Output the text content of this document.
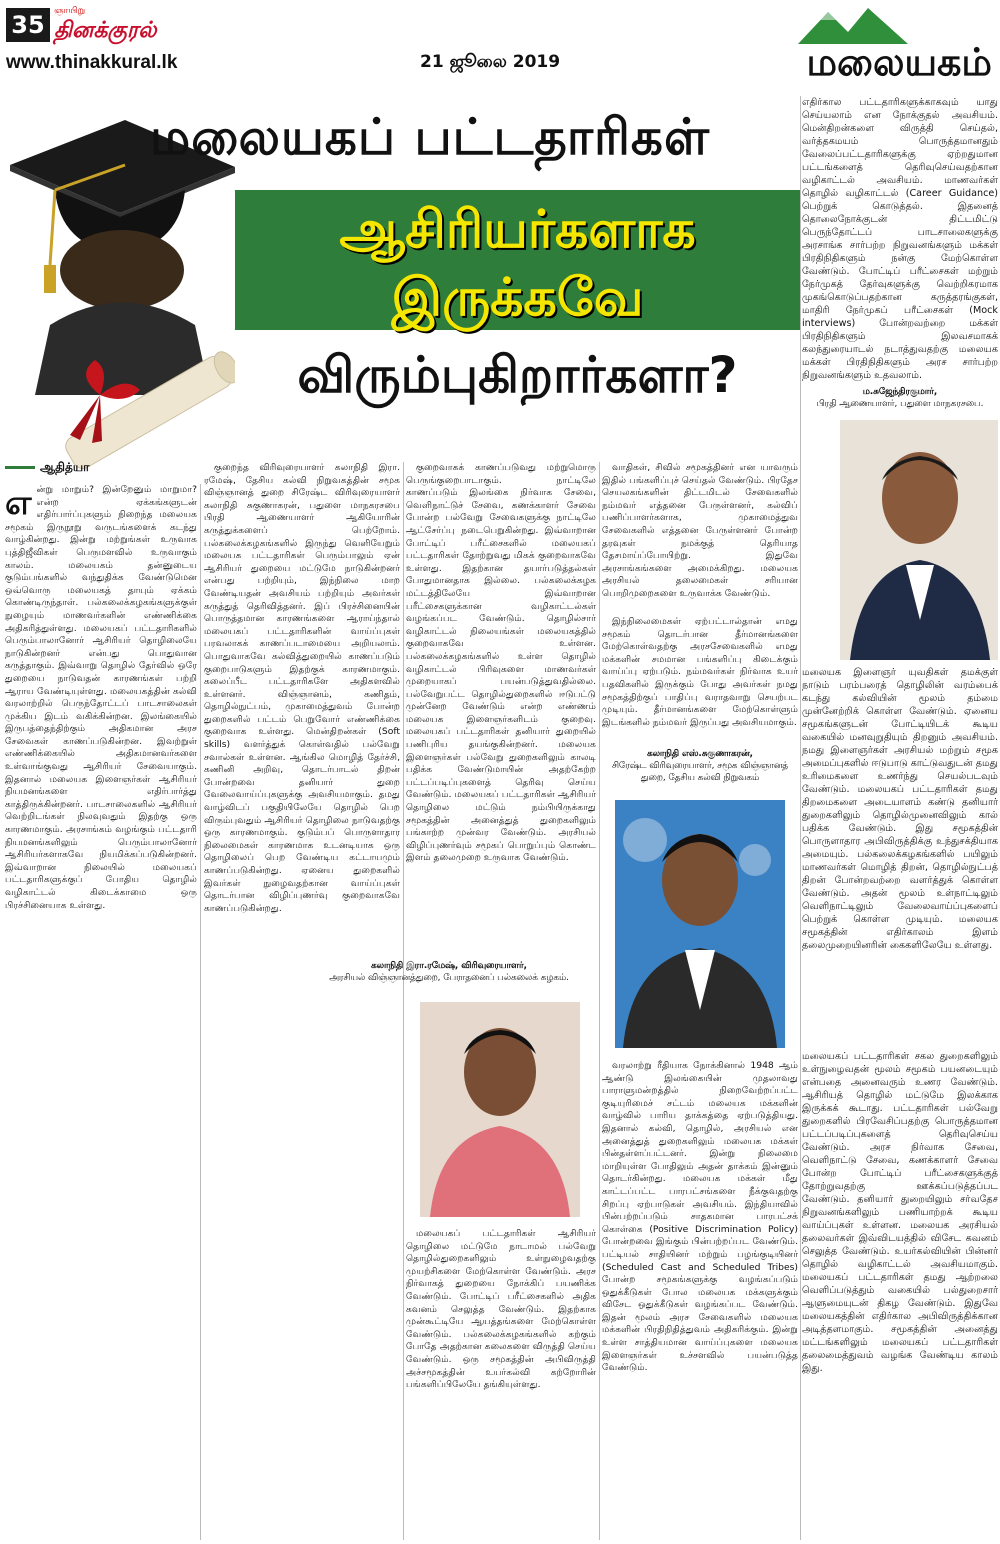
35	ஞாயிறு
தினக்குரல்
www.thinakkural.lk	21 ஜூலை 2019	மலையகம்
மலையகப் பட்டதாரிகள்
ஆசிரியர்களாக
இருக்கவே
விரும்புகிறார்களா?
எதிர்கால பட்டதாரிகளுக்காகவும் யாது செய்யலாம் என நோக்குதல் அவசியம். மென்திறன்களை விருத்தி செய்தல், வர்த்தகமயம் பொருத்தமானதும் வேலைப்பட்டதாரிகளுக்கு ஏற்றதுமான பட்டங்களைத் தெரிவுசெய்வதற்கான வழிகாட்டல் அவசியம். மாணவர்கள் தொழில் வழிகாட்டல் (Career Guidance) பெற்றுக் கொடுத்தல். இதனைத் தொலைநோக்குடன் திட்டமிட்டு பெருந்தோட்டப் பாடசாலைகளுக்கு அரசாங்க சார்பற்ற நிறுவனங்களும் மக்கள் பிரதிநிதிகளும் நன்கு மேற்கொள்ள வேண்டும். போட்டிப் பரீட்சைகள் மற்றும் நேர்முகத் தேர்வுகளுக்கு வெற்றிகரமாக முகங்கொடுப்பதற்கான கருத்தரங்குகள், மாதிரி நேர்முகப் பரீட்சைகள் (Mock interviews) போன்றவற்றை மக்கள் பிரதிநிதிகளும் இலவசமாகக் கலந்துரையாடல் நடாத்துவதற்கு மலையக மக்கள் பிரதிநிதிகளும் அரச சார்பற்ற நிறுவனங்களும் உதவலாம்.
ம.சுஜேந்திரகுமார்,
பிரதி ஆணையாளர், பதுளை மாநகரசபை.
மலையக இளைஞர் யுவதிகள் தமக்குள் நாடும் பரம்பரைத் தொழிலின் வரம்பைக் கடந்து கல்வியின் மூலம் தம்மை முன்னேற்றிக் கொள்ள வேண்டும். ஏனைய சமூகங்களுடன் போட்டியிடக் கூடிய வகையில் மனவுறுதியும் திறனும் அவசியம். நமது இளைஞர்கள் அரசியல் மற்றும் சமூக அமைப்புகளில் ஈடுபாடு காட்டுவதுடன் தமது உரிமைகளை உணர்ந்து செயல்படவும் வேண்டும். மலையகப் பட்டதாரிகள் தமது திறமைகளை அடையாளம் கண்டு தனியார் துறைகளிலும் தொழில்முனைவிலும் கால் பதிக்க வேண்டும். இது சமூகத்தின் பொருளாதார அபிவிருத்திக்கு உந்துசக்தியாக அமையும். பல்கலைக்கழகங்களில் பயிலும் மாணவர்கள் மொழித் திறன், தொழில்நுட்பத் திறன் போன்றவற்றை வளர்த்துக் கொள்ள வேண்டும். அதன் மூலம் உள்நாட்டிலும் வெளிநாட்டிலும் வேலைவாய்ப்புகளைப் பெற்றுக் கொள்ள முடியும். மலையக சமூகத்தின் எதிர்காலம் இளம் தலைமுறையினரின் கைகளிலேயே உள்ளது.
மலையகப் பட்டதாரிகள் சகல துறைகளிலும் உள்நுழைவதன் மூலம் சமூகம் பயனடையும் என்பதை அனைவரும் உணர வேண்டும். ஆசிரியத் தொழில் மட்டுமே இலக்காக இருக்கக் கூடாது. பட்டதாரிகள் பல்வேறு துறைகளில் பிரவேசிப்பதற்கு பொருத்தமான பட்டப்படிப்புகளைத் தெரிவுசெய்ய வேண்டும். அரச நிர்வாக சேவை, வெளிநாட்டு சேவை, கணக்காளர் சேவை போன்ற போட்டிப் பரீட்சைகளுக்குத் தோற்றுவதற்கு ஊக்கப்படுத்தப்பட வேண்டும். தனியார் துறையிலும் சர்வதேச நிறுவனங்களிலும் பணியாற்றக் கூடிய வாய்ப்புகள் உள்ளன. மலையக அரசியல் தலைவர்கள் இவ்விடயத்தில் விசேட கவனம் செலுத்த வேண்டும். உயர்கல்வியின் பின்னர் தொழில் வழிகாட்டல் அவசியமாகும். மலையகப் பட்டதாரிகள் தமது ஆற்றலை வெளிப்படுத்தும் வகையில் பல்துறைசார் ஆளுமையுடன் திகழ வேண்டும். இதுவே மலையகத்தின் எதிர்கால அபிவிருத்திக்கான அடித்தளமாகும். சமூகத்தின் அனைத்து மட்டங்களிலும் மலையகப் பட்டதாரிகள் தலைமைத்துவம் வழங்க வேண்டிய காலம் இது.
ஆதித்யா
எ ன்று மாறும்? இன்றேனும் மாறுமா? என்ற ஏக்கங்களுடன் எதிர்பார்ப்புகளும் நிறைந்த மலையக சமூகம் இருநூறு வருடங்களைக் கடந்து வாழ்கின்றது. இன்று மற்றுங்கள் உருவாக புத்திஜீவிகள் பெருமளவில் உருவாகும் காலம். மலையகம் தன்னுடைய குடும்பங்களில் வந்துதிக்க வேண்டுமென ஒவ்வொரு மலையகத் தாயும் ஏக்கம் கொண்டிருந்தாள். பல்கலைக்கழகங்களுக்குள் நுழையும் மாணவர்களின் எண்ணிக்கை அதிகரித்துள்ளது. மலையகப் பட்டதாரிகளில் பெரும்பாலானோர் ஆசிரியர் தொழிலையே நாடுகின்றனர் என்பது பொதுவான கருத்தாகும். இவ்வாறு தொழில் தேர்வில் ஒரே துறையை நாடுவதன் காரணங்கள் பற்றி ஆராய வேண்டியுள்ளது. மலையகத்தின் கல்வி வரலாற்றில் பெருந்தோட்டப் பாடசாலைகள் முக்கிய இடம் வகிக்கின்றன. இலங்கையில் இருபத்தைந்திற்கும் அதிகமான அரச சேவைகள் காணப்படுகின்றன. இவற்றுள் எண்ணிக்கையில் அதிகமானவர்களை உள்வாங்குவது ஆசிரியர் சேவையாகும். இதனால் மலையக இளைஞர்கள் ஆசிரியர் நியமனங்களை எதிர்பார்த்து காத்திருக்கின்றனர். பாடசாலைகளில் ஆசிரியர் வெற்றிடங்கள் நிலவுவதும் இதற்கு ஒரு காரணமாகும். அரசாங்கம் வழங்கும் பட்டதாரி நியமனங்களிலும் பெரும்பாலானோர் ஆசிரியர்களாகவே நியமிக்கப்படுகின்றனர். இவ்வாறான நிலையில் மலையகப் பட்டதாரிகளுக்குப் போதிய தொழில் வழிகாட்டல் கிடைக்காமை ஒரு பிரச்சினையாக உள்ளது.

குறைந்த விரிவுரையாளர் கலாநிதி இரா. ரமேஷ், தேசிய கல்வி நிறுவகத்தின் சமூக விஞ்ஞானத் துறை சிரேஷ்ட விரிவுரையாளர் கலாநிதி சுகுணாகரன், பதுளை மாநகரசபை பிரதி ஆணையாளர் ஆகியோரின் கருத்துக்களைப் பெற்றோம். பல்கலைக்கழகங்களில் இருந்து வெளியேறும் மலையக பட்டதாரிகள் பெரும்பாலும் ஏன் ஆசிரியர் துறையை மட்டுமே நாடுகின்றனர் என்பது பற்றியும், இந்நிலை மாற வேண்டியதன் அவசியம் பற்றியும் அவர்கள் கருத்துத் தெரிவித்தனர். இப் பிரச்சினையின் பொருத்தமான காரணங்களை ஆராய்ந்தால் மலையகப் பட்டதாரிகளின் வாய்ப்புகள் பரவலாகக் காணப்படாமையை அறியலாம். பொதுவாகவே கல்வித்துறையில் காணப்படும் குறைபாடுகளும் இதற்குக் காரணமாகும். கலைப்பீட பட்டதாரிகளே அதிகளவில் உள்ளனர். விஞ்ஞானம், கணிதம், தொழில்நுட்பம், முகாமைத்துவம் போன்ற துறைகளில் பட்டம் பெறுவோர் எண்ணிக்கை குறைவாக உள்ளது. மென்திறன்கள் (Soft skills) வளர்த்துக் கொள்வதில் பல்வேறு சவால்கள் உள்ளன. ஆங்கில மொழித் தேர்ச்சி, கணினி அறிவு, தொடர்பாடல் திறன் போன்றவை தனியார் துறை வேலைவாய்ப்புகளுக்கு அவசியமாகும். தமது வாழ்விடப் பகுதியிலேயே தொழில் பெற விரும்புவதும் ஆசிரியர் தொழிலை நாடுவதற்கு ஒரு காரணமாகும். குடும்பப் பொருளாதார நிலைமைகள் காரணமாக உடனடியாக ஒரு தொழிலைப் பெற வேண்டிய கட்டாயமும் காணப்படுகின்றது. ஏனைய துறைகளில் இவர்கள் நுழைவதற்கான வாய்ப்புகள் தொடர்பான விழிப்புணர்வு குறைவாகவே காணப்படுகின்றது.

குறைவாகக் காணப்படுவது மற்றுமொரு பெருங்குறைபாடாகும். நாட்டிலே காணப்படும் இலங்கை நிர்வாக சேவை, வெளிநாட்டுச் சேவை, கணக்காளர் சேவை போன்ற பல்வேறு சேவைகளுக்கு நாட்டிலே ஆட்சேர்ப்பு நடைபெறுகின்றது. இவ்வாறான போட்டிப் பரீட்சைகளில் மலையகப் பட்டதாரிகள் தோற்றுவது மிகக் குறைவாகவே உள்ளது. இதற்கான தயார்படுத்தல்கள் போதுமானதாக இல்லை. பல்கலைக்கழக மட்டத்திலேயே இவ்வாறான பரீட்சைகளுக்கான வழிகாட்டல்கள் வழங்கப்பட வேண்டும். தொழில்சார் வழிகாட்டல் நிலையங்கள் மலையகத்தில் குறைவாகவே உள்ளன. பல்கலைக்கழகங்களில் உள்ள தொழில் வழிகாட்டல் பிரிவுகளை மாணவர்கள் முறையாகப் பயன்படுத்துவதில்லை. பல்வேறுபட்ட தொழில்துறைகளில் ஈடுபட்டு முன்னேற வேண்டும் என்ற எண்ணம் மலையக இளைஞர்களிடம் குறைவு. மலையகப் பட்டதாரிகள் தனியார் துறையில் பணிபுரிய தயங்குகின்றனர். மலையக இளைஞர்கள் பல்வேறு துறைகளிலும் காலடி பதிக்க வேண்டுமாயின் அதற்கேற்ற பட்டப்படிப்புகளைத் தெரிவு செய்ய வேண்டும். மலையகப் பட்டதாரிகள் ஆசிரியர் தொழிலை மட்டும் நம்பியிருக்காது சமூகத்தின் அனைத்துத் துறைகளிலும் பங்காற்ற முன்வர வேண்டும். அரசியல் விழிப்புணர்வும் சமூகப் பொறுப்பும் கொண்ட இளம் தலைமுறை உருவாக வேண்டும்.

கலாநிதி இரா.ரமேஷ், விரிவுரையாளர்,
அரசியல் விஞ்ஞானத்துறை, பேராதனைப் பல்கலைக் கழகம்.

மலையகப் பட்டதாரிகள் ஆசிரியர் தொழிலை மட்டுமே நாடாமல் பல்வேறு தொழில்துறைகளிலும் உள்நுழைவதற்கு முயற்சிகளை மேற்கொள்ள வேண்டும். அரச நிர்வாகத் துறையை நோக்கிப் பயணிக்க வேண்டும். போட்டிப் பரீட்சைகளில் அதிக கவனம் செலுத்த வேண்டும். இதற்காக முன்கூட்டியே ஆயத்தங்களை மேற்கொள்ள வேண்டும். பல்கலைக்கழகங்களில் கற்கும் போதே அதற்கான கலைகளை விருத்தி செய்ய வேண்டும். ஒரு சமூகத்தின் அபிவிருத்தி அச்சமூகத்தின் உயர்கல்வி கற்றோரின் பங்களிப்பிலேயே தங்கியுள்ளது.

வாதிகள், சிவில் சமூகத்தினர் என யாவரும் இதில் பங்களிப்புச் செய்தல் வேண்டும். பிரதேச செயலகங்களின் திட்டமிடல் சேவைகளில் நம்மவர் எத்தனை பேருள்ளனர், கல்விப் பணிப்பாளர்களாக, முகாமைத்துவ சேவைகளில் எத்தனை பேருள்ளனர் போன்ற தரவுகள் நமக்குத் தெரியாத தேசமாய்ப்போயிற்று. இதுவே அரசாங்கங்களை அமைக்கிறது. மலையக அரசியல் தலைமைகள் சரியான பொறிமுறைகளை உருவாக்க வேண்டும்.

இந்நிலைமைகள் ஏற்பட்டால்தான் எமது சமூகம் தொடர்பான தீர்மானங்களை மேற்கொள்வதற்கு அரசசேவைகளில் எமது மக்களின் சமமான பங்களிப்பு கிடைக்கும் வாய்ப்பு ஏற்படும். நம்மவர்கள் நிர்வாக உயர் பதவிகளில் இருக்கும் போது அவர்கள் நமது சமூகத்திற்குப் பாதிப்பு வராதவாறு செயற்பட முடியும். தீர்மானங்களை மேற்கொள்ளும் இடங்களில் நம்மவர் இருப்பது அவசியமாகும்.

கலாநிதி எஸ்.சுகுணாகரன்,
சிரேஷ்ட விரிவுரையாளர், சமூக விஞ்ஞானத் துறை, தேசிய கல்வி நிறுவகம்

வரலாற்று ரீதியாக நோக்கினால் 1948 ஆம் ஆண்டு இலங்கையின் முதலாவது பாராளுமன்றத்தில் நிறைவேற்றப்பட்ட குடியுரிமைச் சட்டம் மலையக மக்களின் வாழ்வில் பாரிய தாக்கத்தை ஏற்படுத்தியது. இதனால் கல்வி, தொழில், அரசியல் என அனைத்துத் துறைகளிலும் மலையக மக்கள் பின்தள்ளப்பட்டனர். இன்று நிலைமை மாறியுள்ள போதிலும் அதன் தாக்கம் இன்னும் தொடர்கின்றது. மலையக மக்கள் மீது காட்டப்பட்ட பாரபட்சங்களை நீக்குவதற்கு சிறப்பு ஏற்பாடுகள் அவசியம். இந்தியாவில் பின்பற்றப்படும் சாதகமான பாரபட்சக் கொள்கை (Positive Discrimination Policy) போன்றவை இங்கும் பின்பற்றப்பட வேண்டும். பட்டியல் சாதியினர் மற்றும் பழங்குடியினர் (Scheduled Cast and Scheduled Tribes) போன்ற சமூகங்களுக்கு வழங்கப்படும் ஒதுக்கீடுகள் போல மலையக மக்களுக்கும் விசேட ஒதுக்கீடுகள் வழங்கப்பட வேண்டும். இதன் மூலம் அரச சேவைகளில் மலையக மக்களின் பிரதிநிதித்துவம் அதிகரிக்கும். இன்று உள்ள சாத்தியமான வாய்ப்புகளை மலையக இளைஞர்கள் உச்சளவில் பயன்படுத்த வேண்டும்.
